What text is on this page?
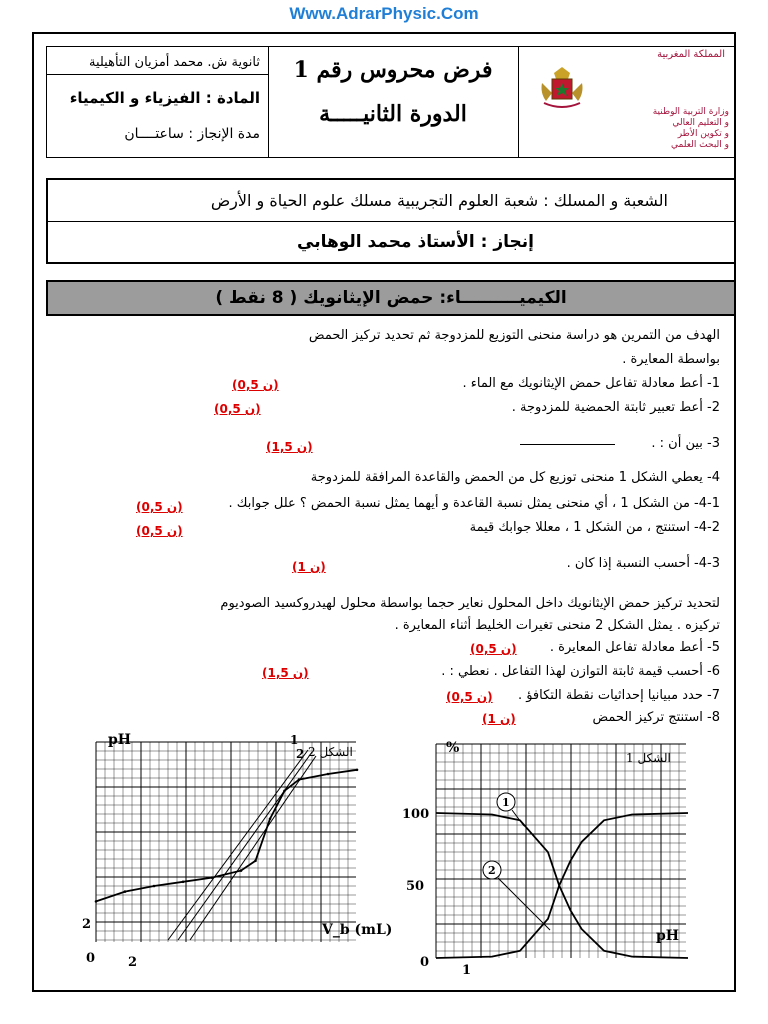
Www.AdrarPhysic.Com
ثانوية ش. محمد أمزيان التأهيلية
المادة : الفيزياء و الكيمياء
مدة الإنجاز : ساعتــــان
فرض محروس رقم 1
الدورة الثانيـــــة
المملكة المغربية
وزارة التربية الوطنية
و التعليم العالي
و تكوين الأطر
و البحث العلمي
الشعبة و المسلك : شعبة العلوم التجريبية مسلك علوم الحياة و الأرض
إنجاز : الأستاذ محمد الوهابي
الكيميــــــــــاء: حمض الإيثانويك ( 8 نقط )
الهدف من التمرين هو دراسة منحنى التوزيع للمزدوجة ثم تحديد تركيز الحمض
بواسطة المعايرة .
1- أعط معادلة تفاعل حمض الإيثانويك مع الماء .
2- أعط تعبير ثابتة الحمضية للمزدوجة .
3- بين أن : .
4- يعطي الشكل 1 منحنى توزيع كل من الحمض والقاعدة المرافقة للمزدوجة
4-1- من الشكل 1 ، أي منحنى يمثل نسبة القاعدة و أيهما يمثل نسبة الحمض ؟ علل جوابك .
4-2- استنتج ، من الشكل 1 ، معللا جوابك قيمة
4-3- أحسب النسبة إذا كان .
لتحديد تركيز حمض الإيثانويك داخل المحلول نعاير حجما بواسطة محلول لهيدروكسيد الصوديوم
تركيزه . يمثل الشكل 2 منحنى تغيرات الخليط أثناء المعايرة .
5- أعط معادلة تفاعل المعايرة .
6- أحسب قيمة ثابتة التوازن لهذا التفاعل . نعطي : .
7- حدد مبيانيا إحداثيات نقطة التكافؤ .
8- استنتج تركيز الحمض
(0,5 ن)
(0,5 ن)
(1,5 ن)
(0,5 ن)
(0,5 ن)
(1 ن)
(0,5 ن)
(1,5 ن)
(0,5 ن)
(1 ن)
pH
V_b (mL)
الشكل 2
0	2
2
2
1
1
2
%
pH
الشكل 1
0
1
50
100
